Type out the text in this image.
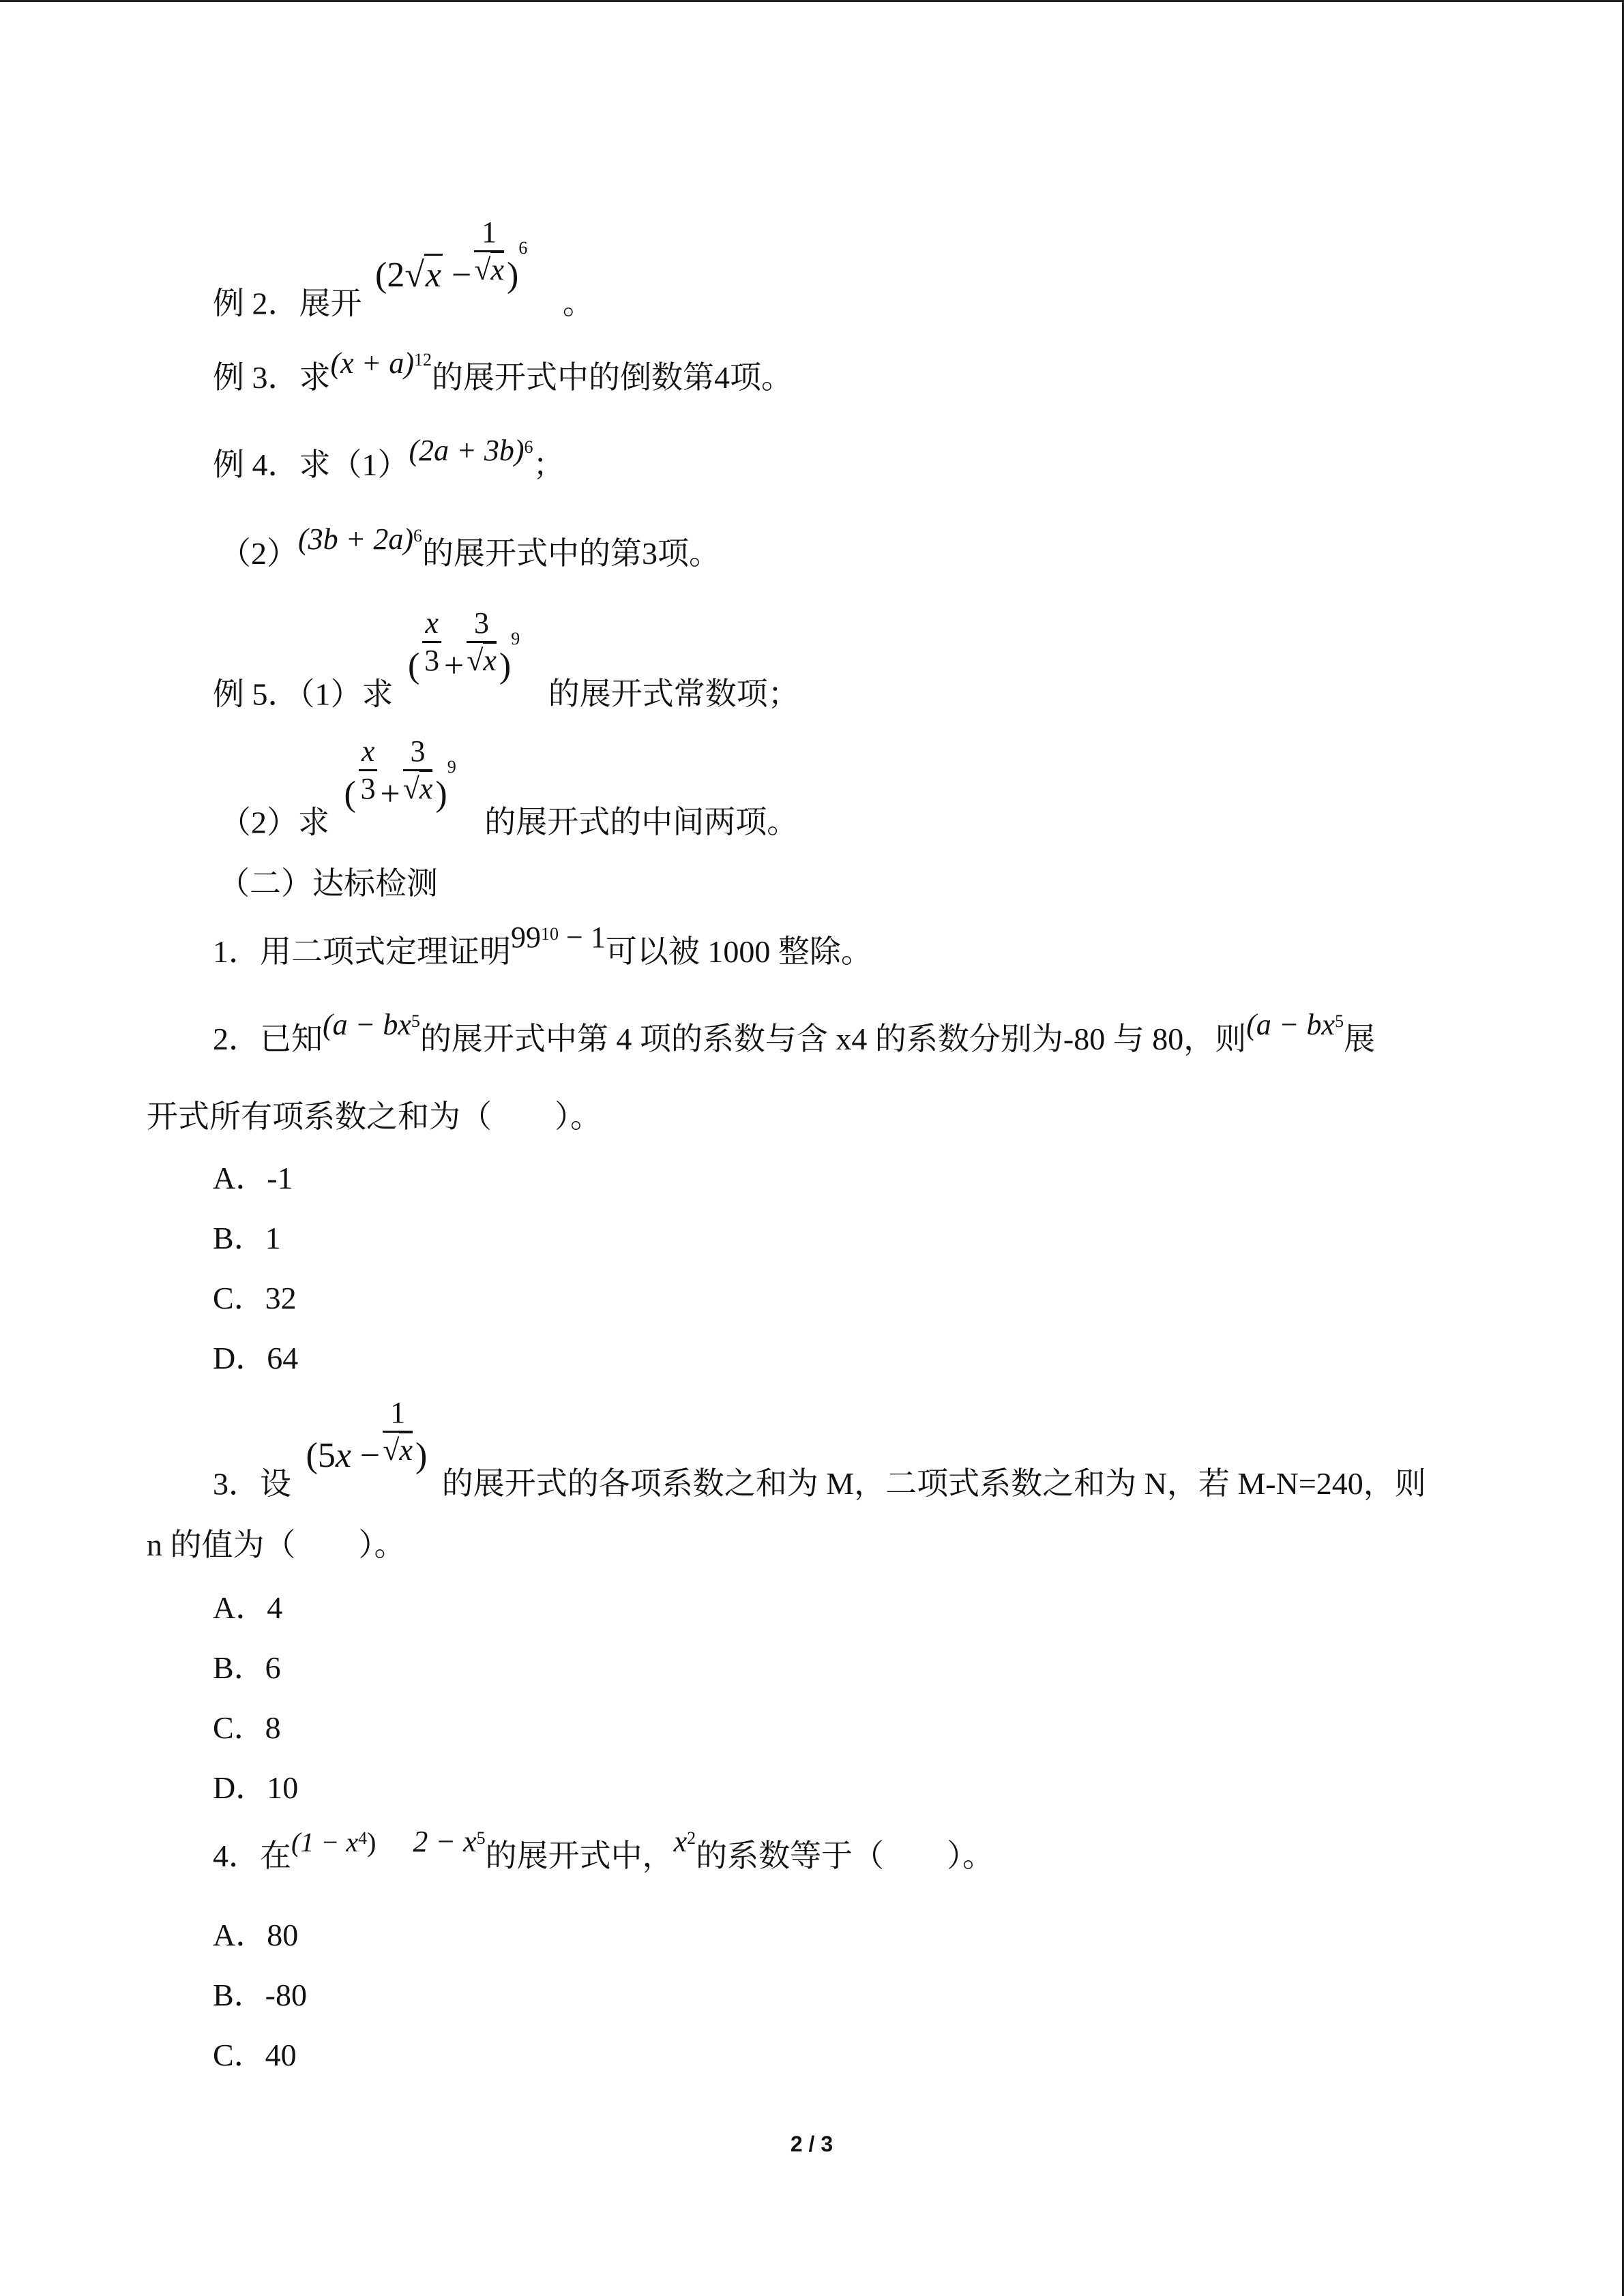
例 2．展开 $(2√x - \frac{1}{√x} )^6$ 。
例 3．求$(x + a)^{12}$的展开式中的倒数第4项。
例 4．求$(1)(2a + 3b)^6$；
$(2)(3b + 2a)^6$的展开式中的第3项。
例 5．（1）求 ( $\frac{x}{3} + \frac{3}{√x} )^9$ 的展开式常数项；
（2）求 ( $\frac{x}{3} + \frac{3}{√x} )^9$ 的展开式的中间两项。
（二）达标检测
1．用二项式定理证明$99^{10} - 1$可以被 1000 整除。
2．已知($a - bx^5$的展开式中第 4 项的系数与含 x4 的系数分别为-80 与 80，则($a - bx^5$展
开式所有项系数之和为（　　）。
A．-1
B．1
C．32
D．64
3．设 ($5x - \frac{1}{√x}$ ) 的展开式的各项系数之和为 M，二项式系数之和为 N，若 M-N=240，则
n 的值为（　　）。
A．4
B．6
C．8
D．10
4．在$(1 - x^4)$ $2 - x^5$的展开式中，$x^2$的系数等于（　　）。
A．80
B．-80
C．40
2 / 3
